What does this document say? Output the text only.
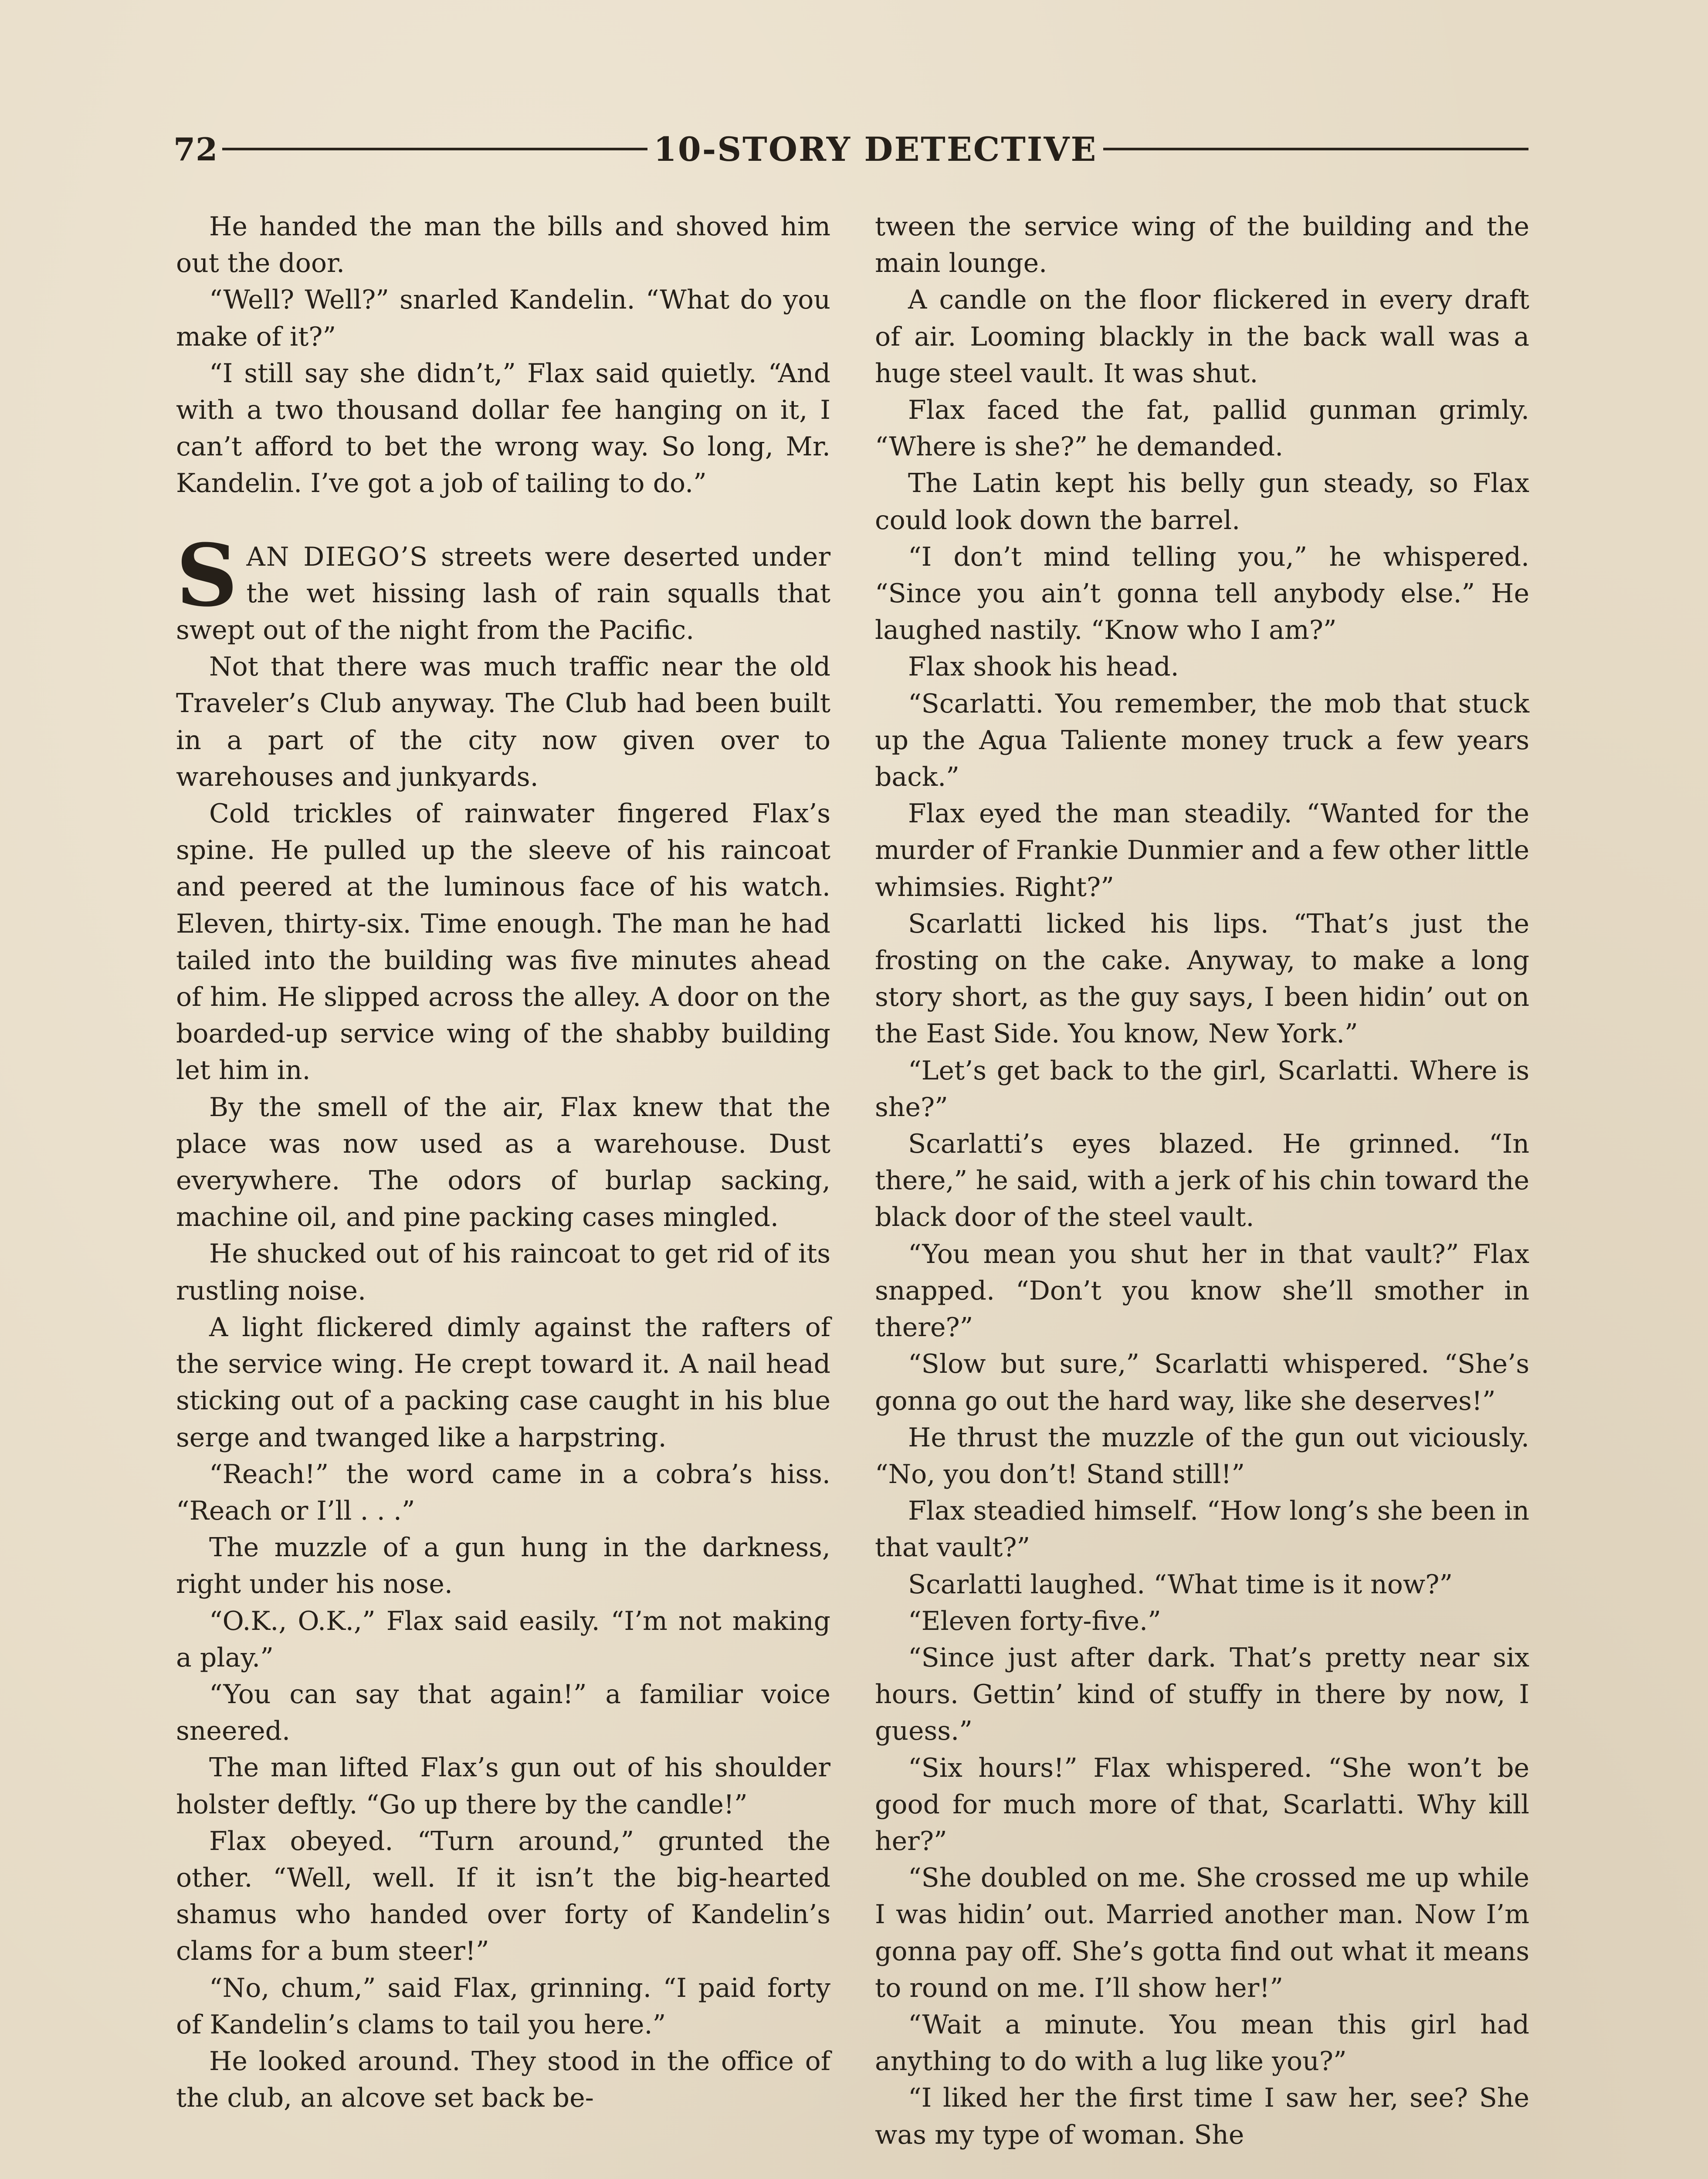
72	10-STORY DETECTIVE

He handed the man the bills and shoved him out the door.

“Well? Well?” snarled Kandelin. “What do you make of it?”

“I still say she didn’t,” Flax said quietly. “And with a two thousand dollar fee hanging on it, I can’t afford to bet the wrong way. So long, Mr. Kandelin. I’ve got a job of tailing to do.”

SAN DIEGO’S streets were deserted under the wet hissing lash of rain squalls that swept out of the night from the Pacific.

Not that there was much traffic near the old Traveler’s Club anyway. The Club had been built in a part of the city now given over to warehouses and junkyards.

Cold trickles of rainwater fingered Flax’s spine. He pulled up the sleeve of his raincoat and peered at the luminous face of his watch. Eleven, thirty-six. Time enough. The man he had tailed into the building was five minutes ahead of him. He slipped across the alley. A door on the boarded-up service wing of the shabby building let him in.

By the smell of the air, Flax knew that the place was now used as a warehouse. Dust everywhere. The odors of burlap sacking, machine oil, and pine packing cases mingled.

He shucked out of his raincoat to get rid of its rustling noise.

A light flickered dimly against the rafters of the service wing. He crept toward it. A nail head sticking out of a packing case caught in his blue serge and twanged like a harpstring.

“Reach!” the word came in a cobra’s hiss. “Reach or I’ll . . .”

The muzzle of a gun hung in the darkness, right under his nose.

“O.K., O.K.,” Flax said easily. “I’m not making a play.”

“You can say that again!” a familiar voice sneered.

The man lifted Flax’s gun out of his shoulder holster deftly. “Go up there by the candle!”

Flax obeyed. “Turn around,” grunted the other. “Well, well. If it isn’t the big-hearted shamus who handed over forty of Kandelin’s clams for a bum steer!”

“No, chum,” said Flax, grinning. “I paid forty of Kandelin’s clams to tail you here.”

He looked around. They stood in the office of the club, an alcove set back be-

tween the service wing of the building and the main lounge.

A candle on the floor flickered in every draft of air. Looming blackly in the back wall was a huge steel vault. It was shut.

Flax faced the fat, pallid gunman grimly. “Where is she?” he demanded.

The Latin kept his belly gun steady, so Flax could look down the barrel.

“I don’t mind telling you,” he whispered. “Since you ain’t gonna tell anybody else.” He laughed nastily. “Know who I am?”

Flax shook his head.

“Scarlatti. You remember, the mob that stuck up the Agua Taliente money truck a few years back.”

Flax eyed the man steadily. “Wanted for the murder of Frankie Dunmier and a few other little whimsies. Right?”

Scarlatti licked his lips. “That’s just the frosting on the cake. Anyway, to make a long story short, as the guy says, I been hidin’ out on the East Side. You know, New York.”

“Let’s get back to the girl, Scarlatti. Where is she?”

Scarlatti’s eyes blazed. He grinned. “In there,” he said, with a jerk of his chin toward the black door of the steel vault.

“You mean you shut her in that vault?” Flax snapped. “Don’t you know she’ll smother in there?”

“Slow but sure,” Scarlatti whispered. “She’s gonna go out the hard way, like she deserves!”

He thrust the muzzle of the gun out viciously. “No, you don’t! Stand still!”

Flax steadied himself. “How long’s she been in that vault?”

Scarlatti laughed. “What time is it now?”

“Eleven forty-five.”

“Since just after dark. That’s pretty near six hours. Gettin’ kind of stuffy in there by now, I guess.”

“Six hours!” Flax whispered. “She won’t be good for much more of that, Scarlatti. Why kill her?”

“She doubled on me. She crossed me up while I was hidin’ out. Married another man. Now I’m gonna pay off. She’s gotta find out what it means to round on me. I’ll show her!”

“Wait a minute. You mean this girl had anything to do with a lug like you?”

“I liked her the first time I saw her, see? She was my type of woman. She
